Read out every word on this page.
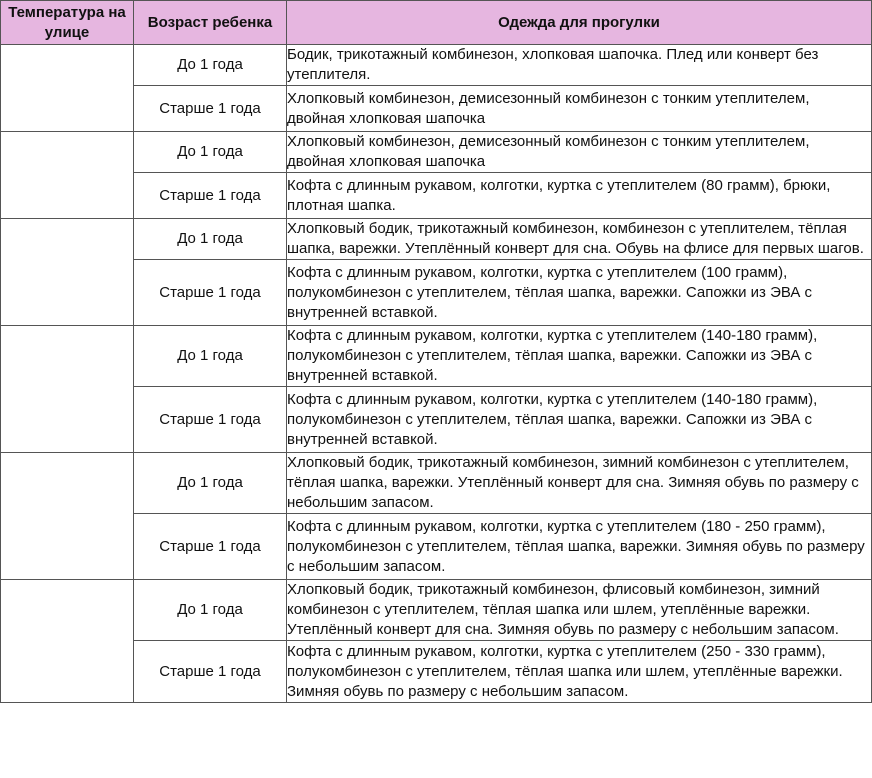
Температура на улице	Возраст ребенка	Одежда для прогулки
	До 1 года	Бодик, трикотажный комбинезон, хлопковая шапочка. Плед или конверт без утеплителя.
	Старше 1 года	Хлопковый комбинезон, демисезонный комбинезон с тонким утеплителем, двойная хлопковая шапочка
	До 1 года	Хлопковый комбинезон, демисезонный комбинезон с тонким утеплителем, двойная хлопковая шапочка
	Старше 1 года	Кофта с длинным рукавом, колготки, куртка с утеплителем (80 грамм), брюки, плотная шапка.
	До 1 года	Хлопковый бодик, трикотажный комбинезон, комбинезон с утеплителем, тёплая шапка, варежки. Утеплённый конверт для сна. Обувь на флисе для первых шагов.
	Старше 1 года	Кофта с длинным рукавом, колготки, куртка с утеплителем (100 грамм), полукомбинезон с утеплителем, тёплая шапка, варежки. Сапожки из ЭВА с внутренней вставкой.
	До 1 года	Кофта с длинным рукавом, колготки, куртка с утеплителем (140-180 грамм), полукомбинезон с утеплителем, тёплая шапка, варежки. Сапожки из ЭВА с внутренней вставкой.
	Старше 1 года	Кофта с длинным рукавом, колготки, куртка с утеплителем (140-180 грамм), полукомбинезон с утеплителем, тёплая шапка, варежки. Сапожки из ЭВА с внутренней вставкой.
	До 1 года	Хлопковый бодик, трикотажный комбинезон, зимний комбинезон с утеплителем, тёплая шапка, варежки. Утеплённый конверт для сна. Зимняя обувь по размеру с небольшим запасом.
	Старше 1 года	Кофта с длинным рукавом, колготки, куртка с утеплителем (180 - 250 грамм), полукомбинезон с утеплителем, тёплая шапка, варежки. Зимняя обувь по размеру с небольшим запасом.
	До 1 года	Хлопковый бодик, трикотажный комбинезон, флисовый комбинезон, зимний комбинезон с утеплителем, тёплая шапка или шлем, утеплённые варежки. Утеплённый конверт для сна. Зимняя обувь по размеру с небольшим запасом.
	Старше 1 года	Кофта с длинным рукавом, колготки, куртка с утеплителем (250 - 330 грамм), полукомбинезон с утеплителем, тёплая шапка или шлем, утеплённые варежки. Зимняя обувь по размеру с небольшим запасом.
